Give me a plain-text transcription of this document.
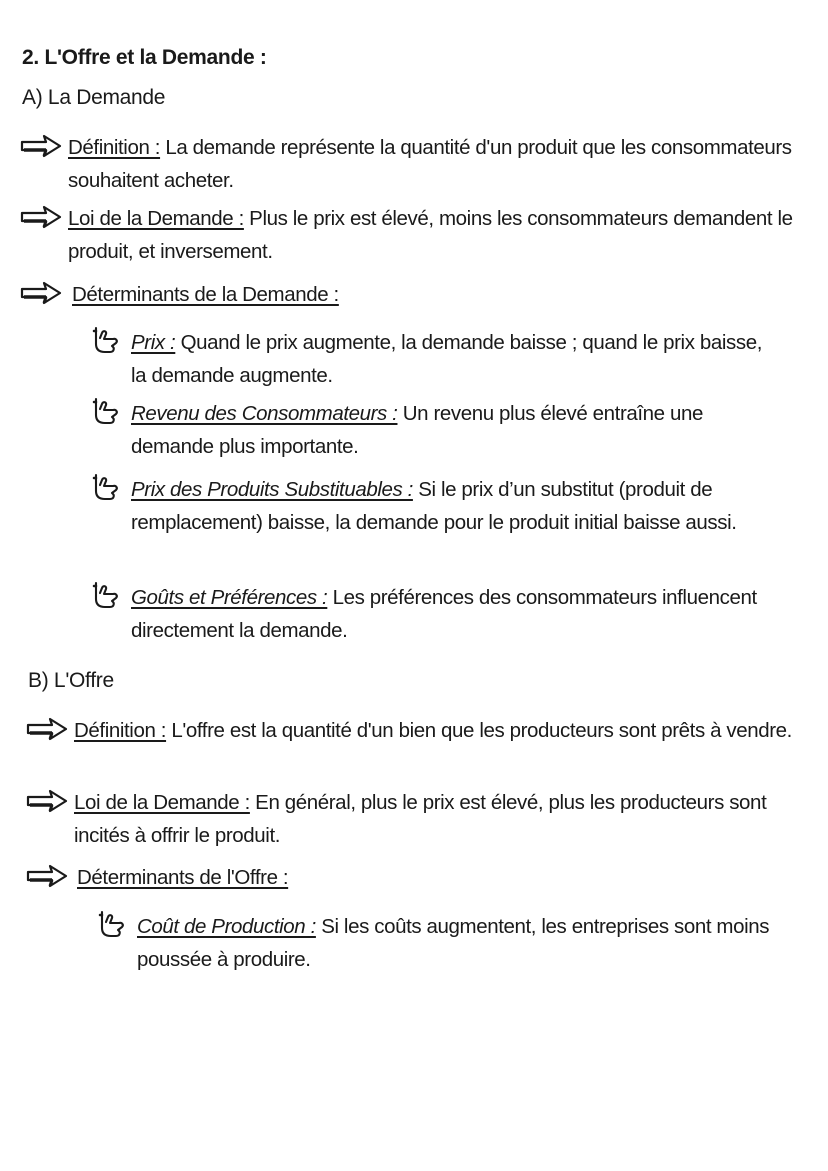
2. L'Offre et la Demande :
A) La Demande
Définition : La demande représente la quantité d'un produit que les consommateurs souhaitent acheter.
Loi de la Demande : Plus le prix est élevé, moins les consommateurs demandent le produit, et inversement.
Déterminants de la Demande :
Prix : Quand le prix augmente, la demande baisse ; quand le prix baisse, la demande augmente.
Revenu des Consommateurs : Un revenu plus élevé entraîne une demande plus importante.
Prix des Produits Substituables : Si le prix d’un substitut (produit de remplacement) baisse, la demande pour le produit initial baisse aussi.
Goûts et Préférences : Les préférences des consommateurs influencent directement la demande.
B) L'Offre
Définition : L'offre est la quantité d'un bien que les producteurs sont prêts à vendre.
Loi de la Demande : En général, plus le prix est élevé, plus les producteurs sont incités à offrir le produit.
Déterminants de l'Offre :
Coût de Production : Si les coûts augmentent, les entreprises sont moins poussée à produire.
